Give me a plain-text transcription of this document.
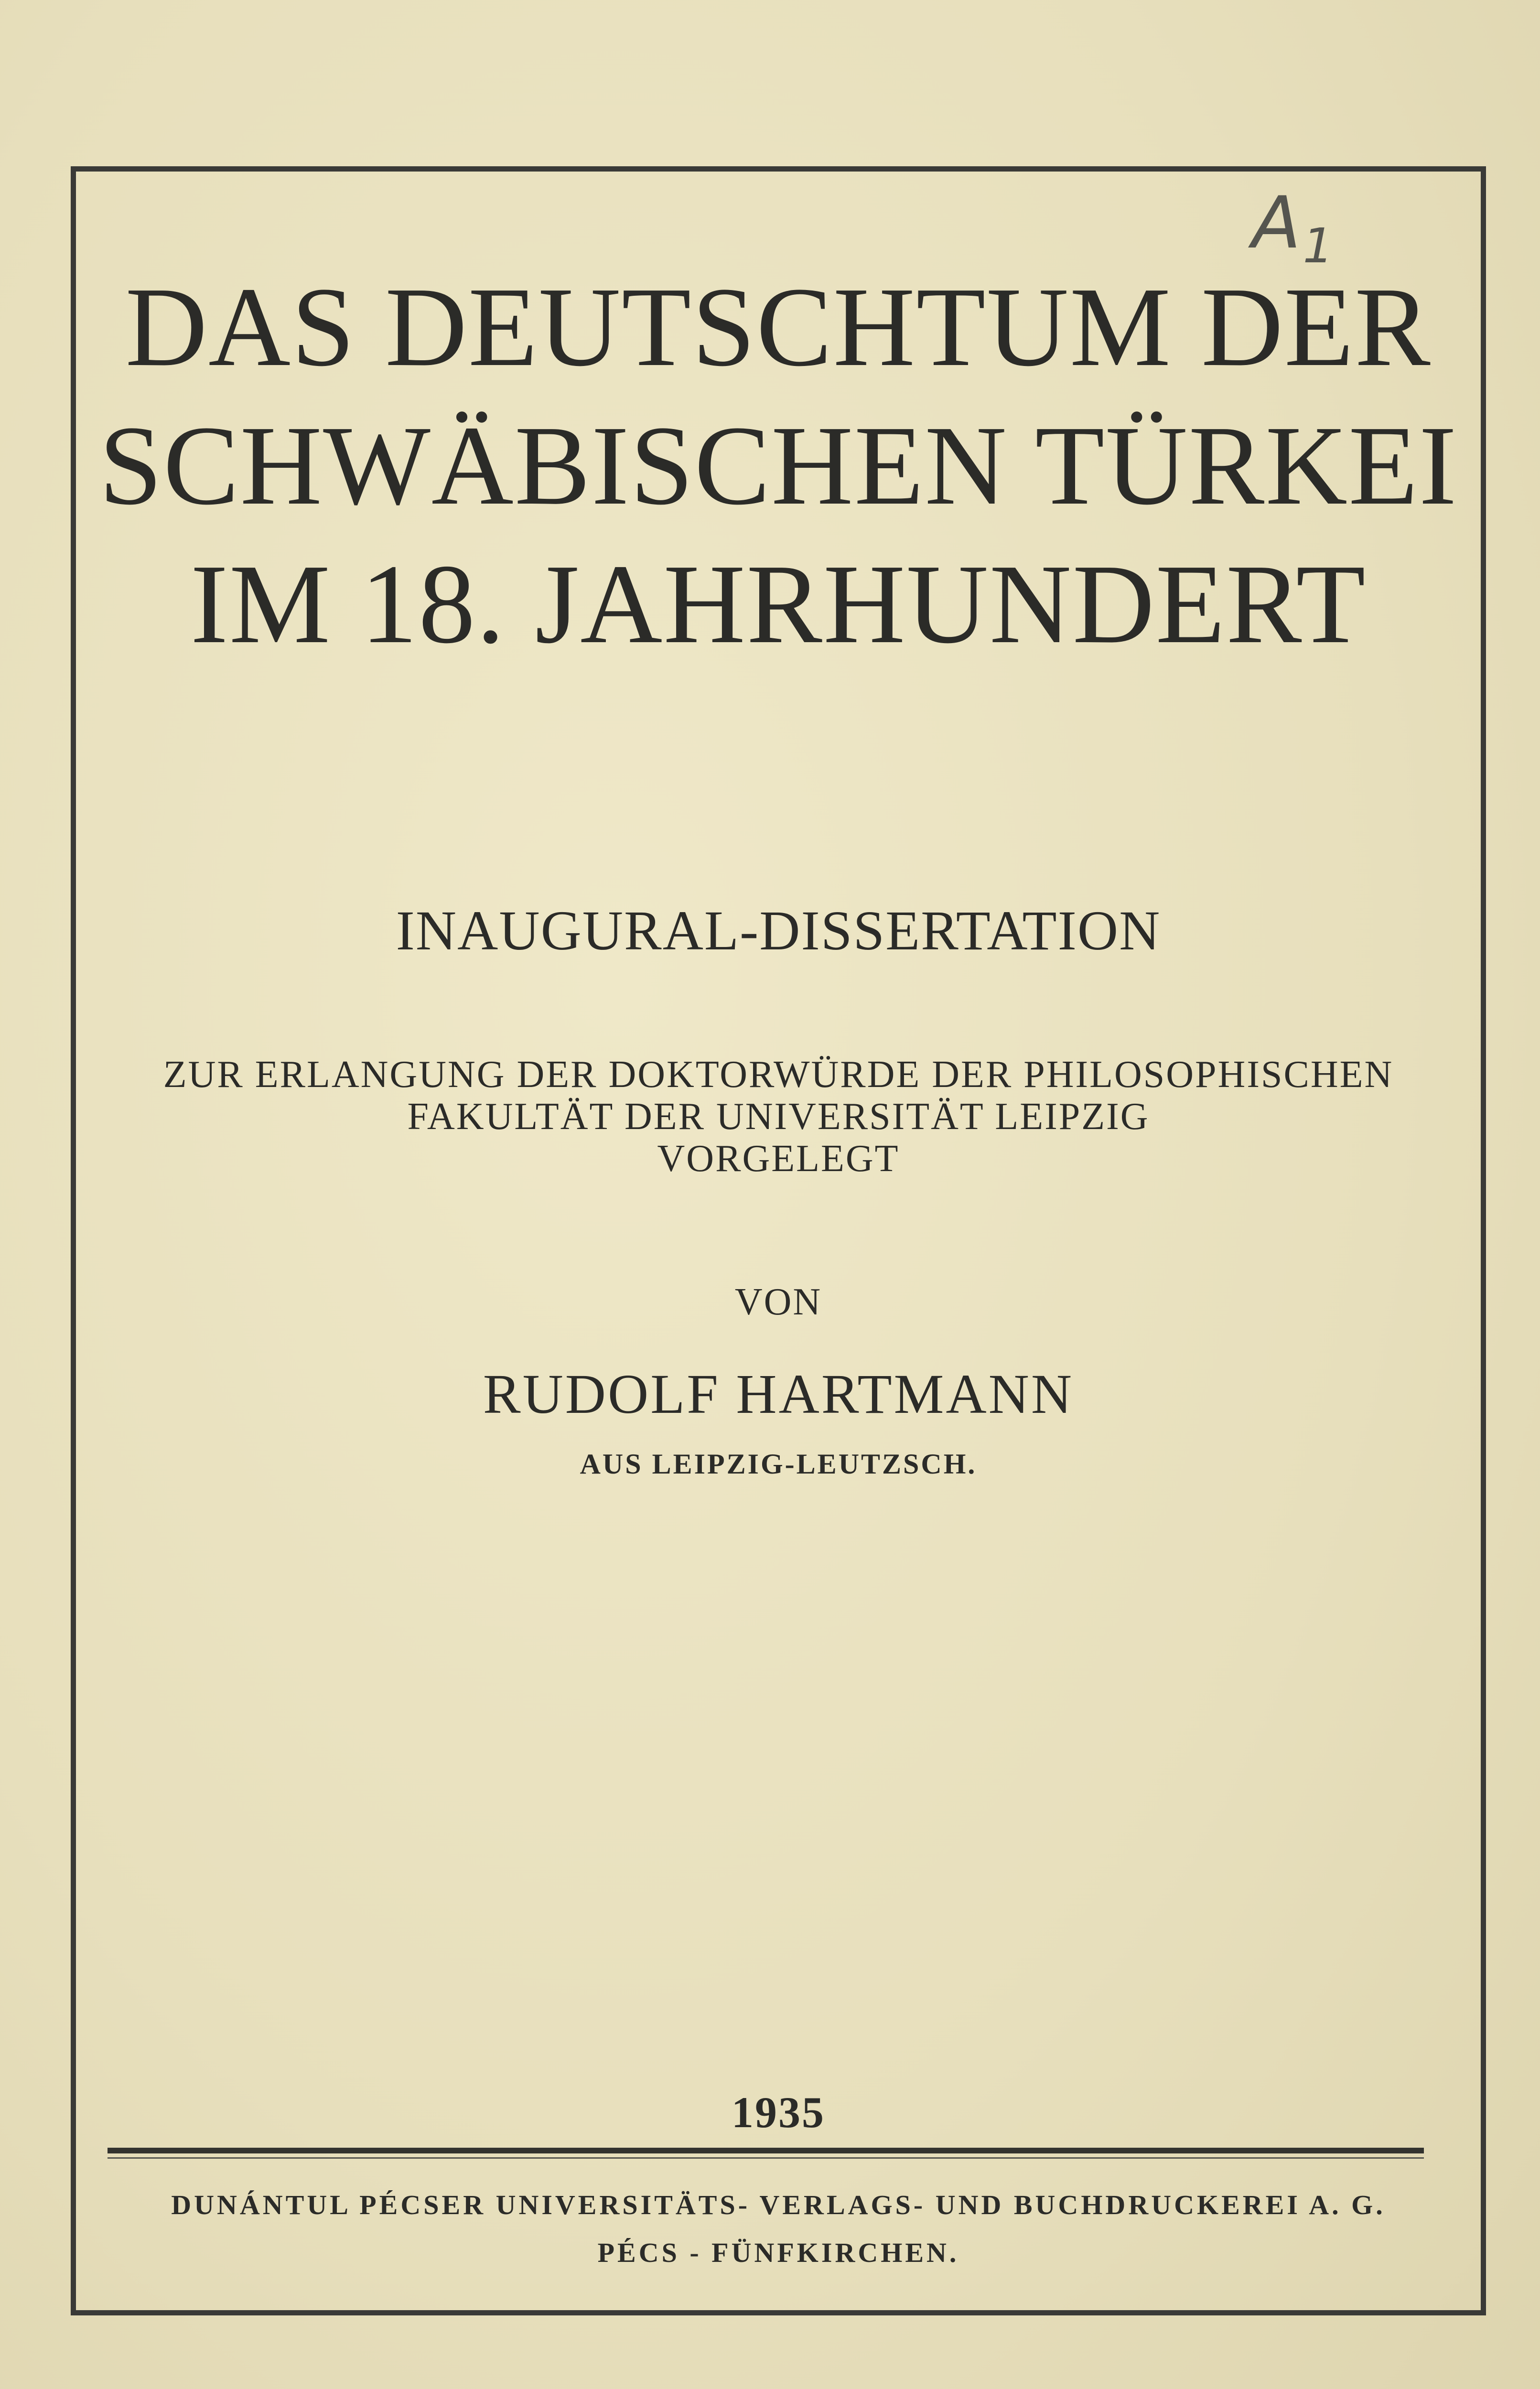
$A_1$
DAS DEUTSCHTUM DER
SCHWÄBISCHEN TÜRKEI
IM 18. JAHRHUNDERT
INAUGURAL-DISSERTATION
ZUR ERLANGUNG DER DOKTORWÜRDE DER PHILOSOPHISCHEN
FAKULTÄT DER UNIVERSITÄT LEIPZIG
VORGELEGT
VON
RUDOLF HARTMANN
AUS LEIPZIG-LEUTZSCH.
1935
DUNÁNTUL PÉCSER UNIVERSITÄTS- VERLAGS- UND BUCHDRUCKEREI A. G.
PÉCS - FÜNFKIRCHEN.
